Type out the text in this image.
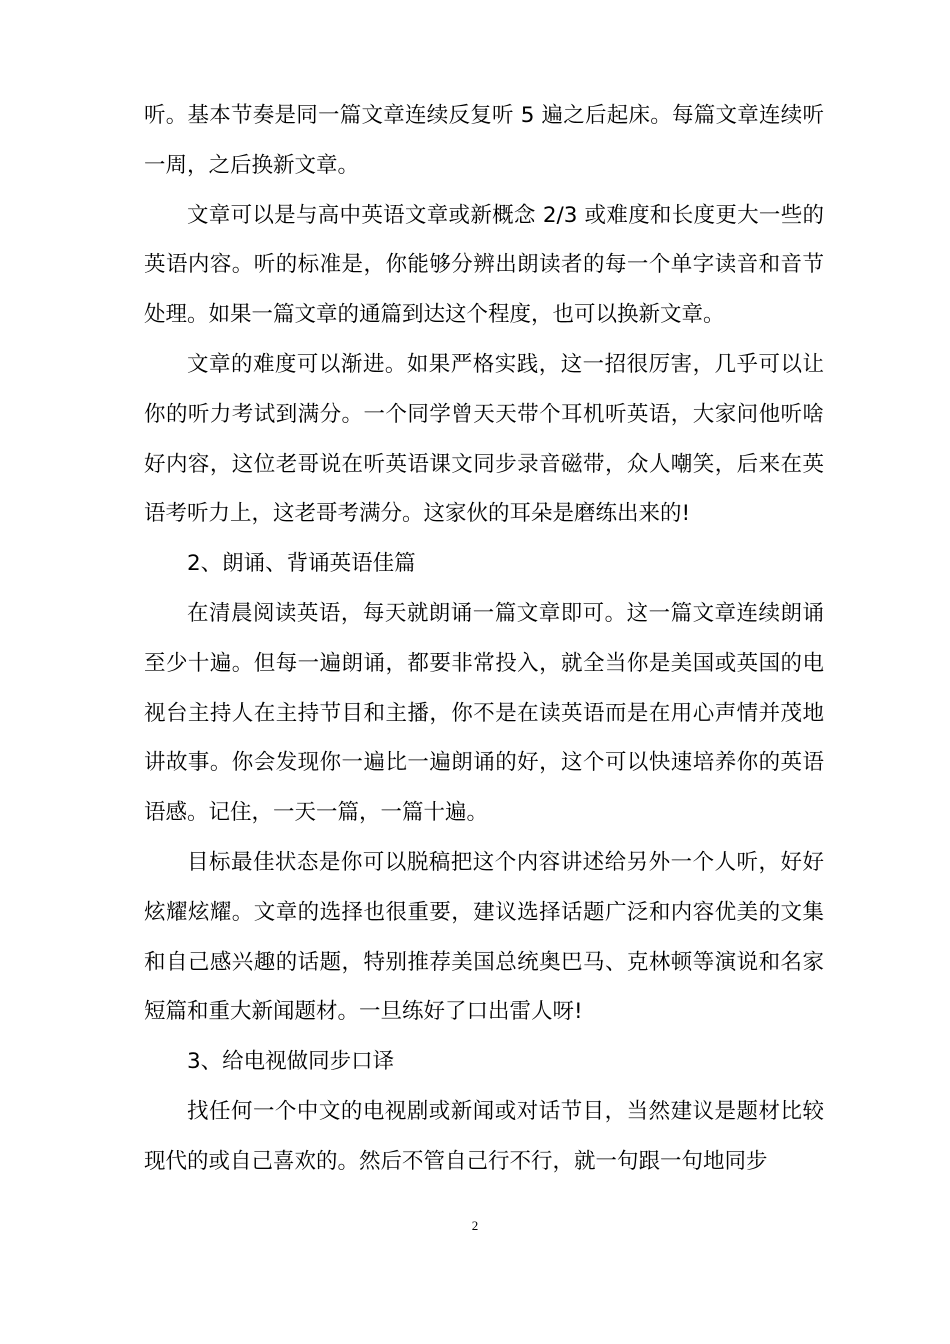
听。基本节奏是同一篇文章连续反复听 5 遍之后起床。每篇文章连续听一周，之后换新文章。

文章可以是与高中英语文章或新概念 2/3 或难度和长度更大一些的英语内容。听的标准是，你能够分辨出朗读者的每一个单字读音和音节处理。如果一篇文章的通篇到达这个程度，也可以换新文章。

文章的难度可以渐进。如果严格实践，这一招很厉害，几乎可以让你的听力考试到满分。一个同学曾天天带个耳机听英语，大家问他听啥好内容，这位老哥说在听英语课文同步录音磁带，众人嘲笑，后来在英语考听力上，这老哥考满分。这家伙的耳朵是磨练出来的!

2、朗诵、背诵英语佳篇

在清晨阅读英语，每天就朗诵一篇文章即可。这一篇文章连续朗诵至少十遍。但每一遍朗诵，都要非常投入，就全当你是美国或英国的电视台主持人在主持节目和主播，你不是在读英语而是在用心声情并茂地讲故事。你会发现你一遍比一遍朗诵的好，这个可以快速培养你的英语语感。记住，一天一篇，一篇十遍。

目标最佳状态是你可以脱稿把这个内容讲述给另外一个人听，好好炫耀炫耀。文章的选择也很重要，建议选择话题广泛和内容优美的文集和自己感兴趣的话题，特别推荐美国总统奥巴马、克林顿等演说和名家短篇和重大新闻题材。一旦练好了口出雷人呀!

3、给电视做同步口译

找任何一个中文的电视剧或新闻或对话节目，当然建议是题材比较现代的或自己喜欢的。然后不管自己行不行，就一句跟一句地同步

2
